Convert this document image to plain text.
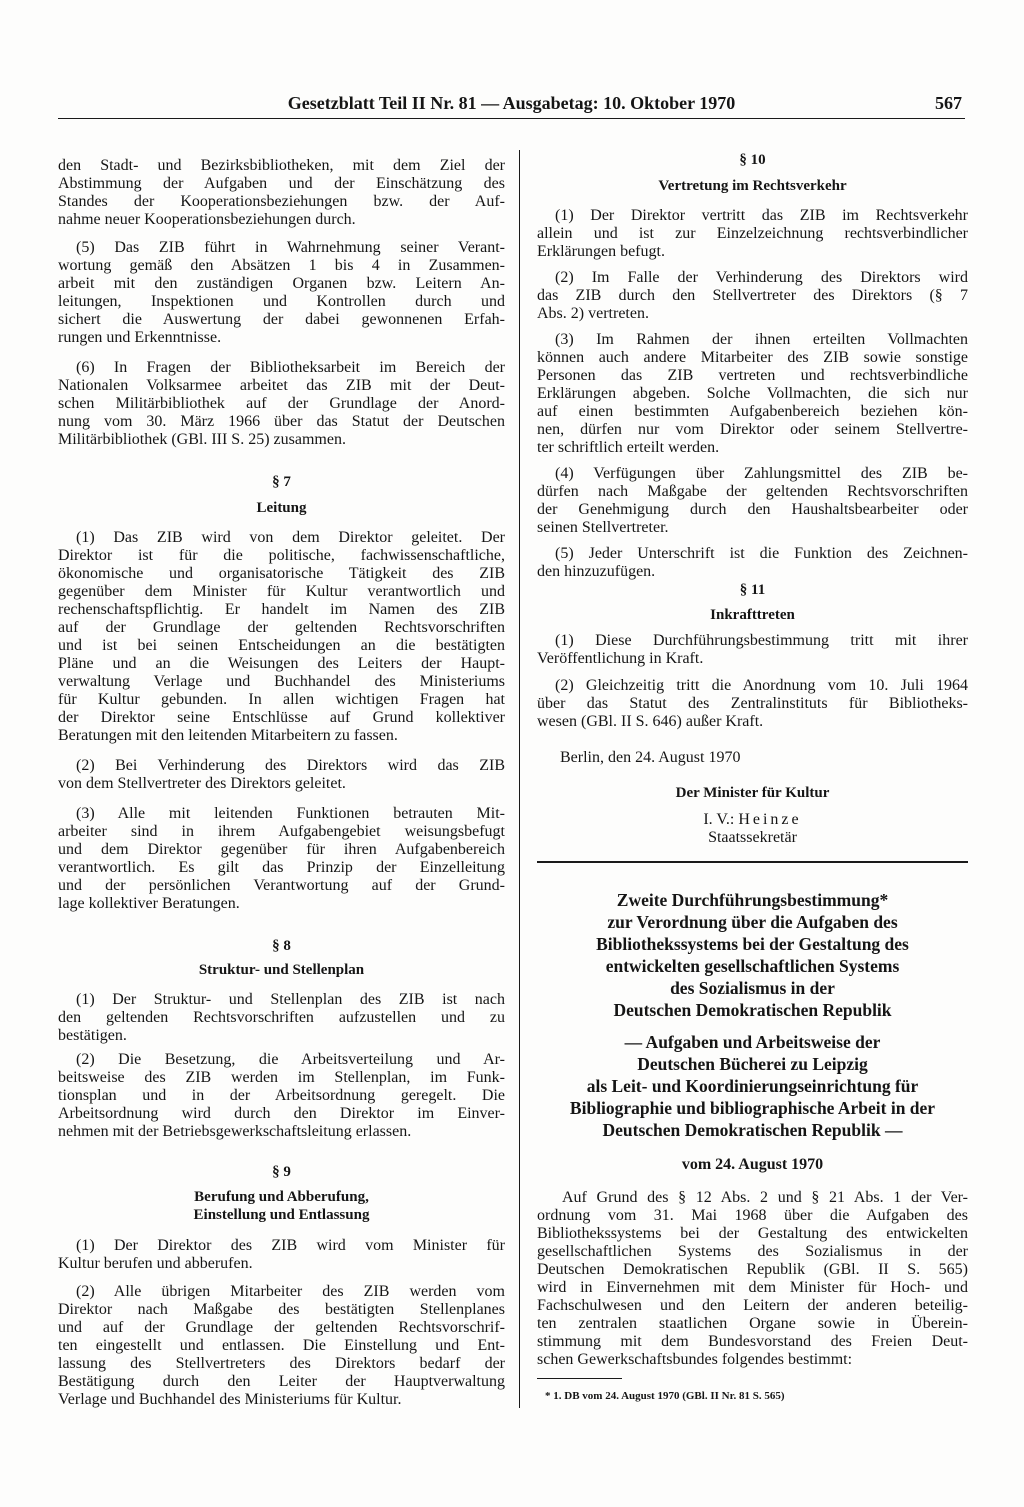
Gesetzblatt Teil II Nr. 81 — Ausgabetag: 10. Oktober 1970	567
den Stadt- und Bezirksbibliotheken, mit dem Ziel der
Abstimmung der Aufgaben und der Einschätzung des
Standes der Kooperationsbeziehungen bzw. der Auf-
nahme neuer Kooperationsbeziehungen durch.
(5) Das ZIB führt in Wahrnehmung seiner Verant-
wortung gemäß den Absätzen 1 bis 4 in Zusammen-
arbeit mit den zuständigen Organen bzw. Leitern An-
leitungen, Inspektionen und Kontrollen durch und
sichert die Auswertung der dabei gewonnenen Erfah-
rungen und Erkenntnisse.
(6) In Fragen der Bibliotheksarbeit im Bereich der
Nationalen Volksarmee arbeitet das ZIB mit der Deut-
schen Militärbibliothek auf der Grundlage der Anord-
nung vom 30. März 1966 über das Statut der Deutschen
Militärbibliothek (GBl. III S. 25) zusammen.
§ 7
Leitung
(1) Das ZIB wird von dem Direktor geleitet. Der
Direktor ist für die politische, fachwissenschaftliche,
ökonomische und organisatorische Tätigkeit des ZIB
gegenüber dem Minister für Kultur verantwortlich und
rechenschaftspflichtig. Er handelt im Namen des ZIB
auf der Grundlage der geltenden Rechtsvorschriften
und ist bei seinen Entscheidungen an die bestätigten
Pläne und an die Weisungen des Leiters der Haupt-
verwaltung Verlage und Buchhandel des Ministeriums
für Kultur gebunden. In allen wichtigen Fragen hat
der Direktor seine Entschlüsse auf Grund kollektiver
Beratungen mit den leitenden Mitarbeitern zu fassen.
(2) Bei Verhinderung des Direktors wird das ZIB
von dem Stellvertreter des Direktors geleitet.
(3) Alle mit leitenden Funktionen betrauten Mit-
arbeiter sind in ihrem Aufgabengebiet weisungsbefugt
und dem Direktor gegenüber für ihren Aufgabenbereich
verantwortlich. Es gilt das Prinzip der Einzelleitung
und der persönlichen Verantwortung auf der Grund-
lage kollektiver Beratungen.
§ 8
Struktur- und Stellenplan
(1) Der Struktur- und Stellenplan des ZIB ist nach
den geltenden Rechtsvorschriften aufzustellen und zu
bestätigen.
(2) Die Besetzung, die Arbeitsverteilung und Ar-
beitsweise des ZIB werden im Stellenplan, im Funk-
tionsplan und in der Arbeitsordnung geregelt. Die
Arbeitsordnung wird durch den Direktor im Einver-
nehmen mit der Betriebsgewerkschaftsleitung erlassen.
§ 9
Berufung und Abberufung,
Einstellung und Entlassung
(1) Der Direktor des ZIB wird vom Minister für
Kultur berufen und abberufen.
(2) Alle übrigen Mitarbeiter des ZIB werden vom
Direktor nach Maßgabe des bestätigten Stellenplanes
und auf der Grundlage der geltenden Rechtsvorschrif-
ten eingestellt und entlassen. Die Einstellung und Ent-
lassung des Stellvertreters des Direktors bedarf der
Bestätigung durch den Leiter der Hauptverwaltung
Verlage und Buchhandel des Ministeriums für Kultur.
§ 10
Vertretung im Rechtsverkehr
(1) Der Direktor vertritt das ZIB im Rechtsverkehr
allein und ist zur Einzelzeichnung rechtsverbindlicher
Erklärungen befugt.
(2) Im Falle der Verhinderung des Direktors wird
das ZIB durch den Stellvertreter des Direktors (§ 7
Abs. 2) vertreten.
(3) Im Rahmen der ihnen erteilten Vollmachten
können auch andere Mitarbeiter des ZIB sowie sonstige
Personen das ZIB vertreten und rechtsverbindliche
Erklärungen abgeben. Solche Vollmachten, die sich nur
auf einen bestimmten Aufgabenbereich beziehen kön-
nen, dürfen nur vom Direktor oder seinem Stellvertre-
ter schriftlich erteilt werden.
(4) Verfügungen über Zahlungsmittel des ZIB be-
dürfen nach Maßgabe der geltenden Rechtsvorschriften
der Genehmigung durch den Haushaltsbearbeiter oder
seinen Stellvertreter.
(5) Jeder Unterschrift ist die Funktion des Zeichnen-
den hinzuzufügen.
§ 11
Inkrafttreten
(1) Diese Durchführungsbestimmung tritt mit ihrer
Veröffentlichung in Kraft.
(2) Gleichzeitig tritt die Anordnung vom 10. Juli 1964
über das Statut des Zentralinstituts für Bibliotheks-
wesen (GBl. II S. 646) außer Kraft.
Berlin, den 24. August 1970
Der Minister für Kultur
I. V.: Heinze
Staatssekretär
Zweite Durchführungsbestimmung*
zur Verordnung über die Aufgaben des
Bibliothekssystems bei der Gestaltung des
entwickelten gesellschaftlichen Systems
des Sozialismus in der
Deutschen Demokratischen Republik
— Aufgaben und Arbeitsweise der
Deutschen Bücherei zu Leipzig
als Leit- und Koordinierungseinrichtung für
Bibliographie und bibliographische Arbeit in der
Deutschen Demokratischen Republik —
vom 24. August 1970
Auf Grund des § 12 Abs. 2 und § 21 Abs. 1 der Ver-
ordnung vom 31. Mai 1968 über die Aufgaben des
Bibliothekssystems bei der Gestaltung des entwickelten
gesellschaftlichen Systems des Sozialismus in der
Deutschen Demokratischen Republik (GBl. II S. 565)
wird in Einvernehmen mit dem Minister für Hoch- und
Fachschulwesen und den Leitern der anderen beteilig-
ten zentralen staatlichen Organe sowie in Überein-
stimmung mit dem Bundesvorstand des Freien Deut-
schen Gewerkschaftsbundes folgendes bestimmt:
* 1. DB vom 24. August 1970 (GBl. II Nr. 81 S. 565)
